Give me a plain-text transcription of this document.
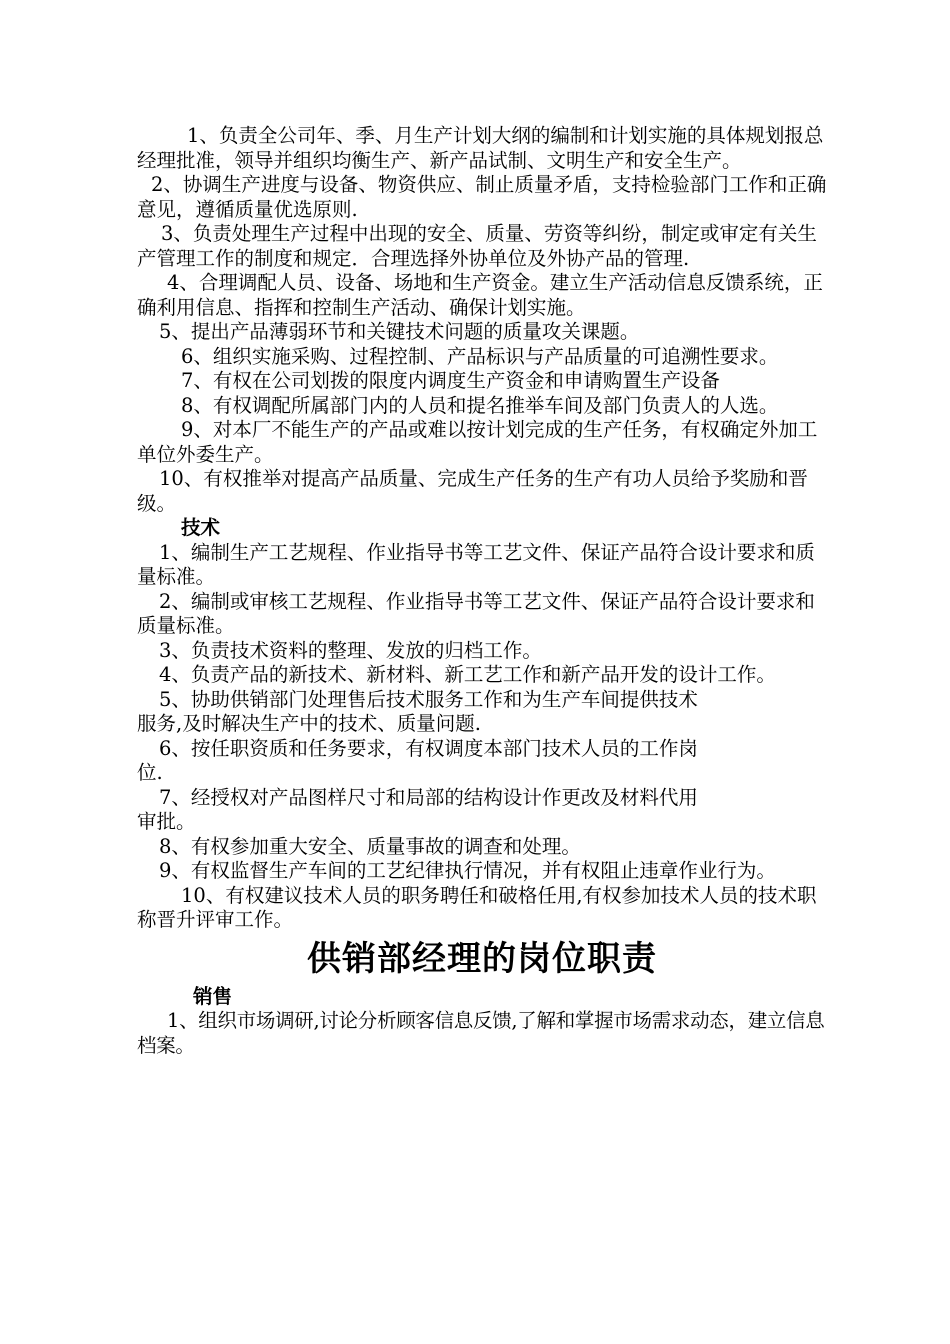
1、负责全公司年、季、月生产计划大纲的编制和计划实施的具体规划报总经理批准，领导并组织均衡生产、新产品试制、文明生产和安全生产。

2、协调生产进度与设备、物资供应、制止质量矛盾，支持检验部门工作和正确意见，遵循质量优选原则.

3、负责处理生产过程中出现的安全、质量、劳资等纠纷，制定或审定有关生产管理工作的制度和规定．合理选择外协单位及外协产品的管理.

4、合理调配人员、设备、场地和生产资金。建立生产活动信息反馈系统，正确利用信息、指挥和控制生产活动、确保计划实施。

5、提出产品薄弱环节和关键技术问题的质量攻关课题。

6、组织实施采购、过程控制、产品标识与产品质量的可追溯性要求。

7、有权在公司划拨的限度内调度生产资金和申请购置生产设备

8、有权调配所属部门内的人员和提名推举车间及部门负责人的人选。

9、对本厂不能生产的产品或难以按计划完成的生产任务，有权确定外加工单位外委生产。

10、有权推举对提高产品质量、完成生产任务的生产有功人员给予奖励和晋级。

技术

1、编制生产工艺规程、作业指导书等工艺文件、保证产品符合设计要求和质量标准。

2、编制或审核工艺规程、作业指导书等工艺文件、保证产品符合设计要求和质量标准。

3、负责技术资料的整理、发放的归档工作。

4、负责产品的新技术、新材料、新工艺工作和新产品开发的设计工作。

5、协助供销部门处理售后技术服务工作和为生产车间提供技术

服务,及时解决生产中的技术、质量问题.

6、按任职资质和任务要求，有权调度本部门技术人员的工作岗

位.

7、经授权对产品图样尺寸和局部的结构设计作更改及材料代用

审批。

8、有权参加重大安全、质量事故的调查和处理。

9、有权监督生产车间的工艺纪律执行情况，并有权阻止违章作业行为。

10、有权建议技术人员的职务聘任和破格任用,有权参加技术人员的技术职称晋升评审工作。

供销部经理的岗位职责

销售

1、组织市场调研,讨论分析顾客信息反馈,了解和掌握市场需求动态，建立信息档案。
